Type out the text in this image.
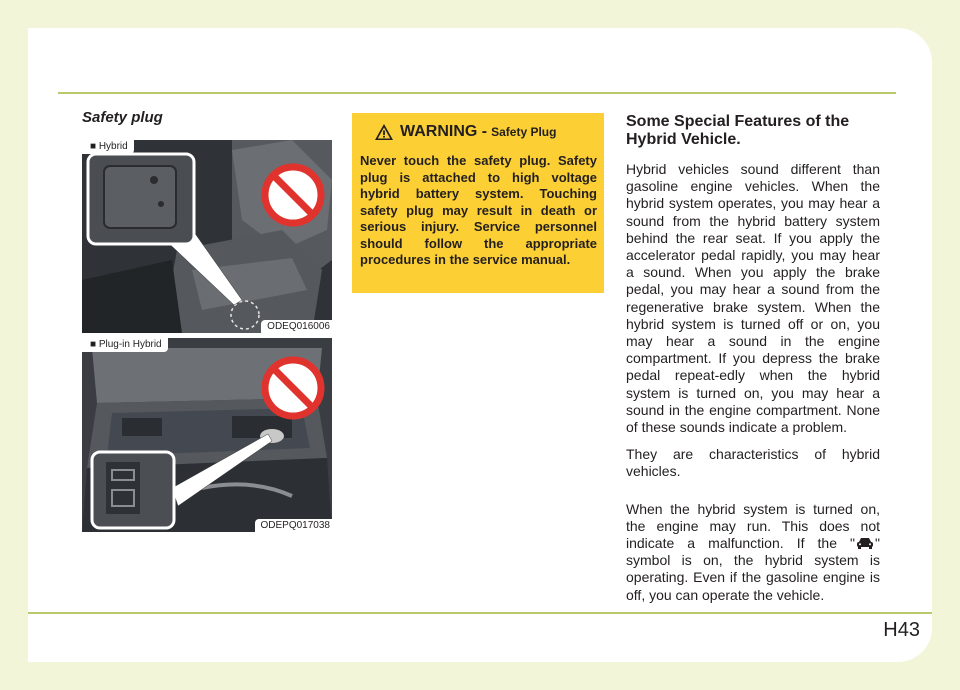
H43
Safety plug
■ Hybrid
ODEQ016006
■ Plug-in Hybrid
ODEPQ017038
WARNING - Safety Plug
Never touch the safety plug. Safety plug is attached to high voltage hybrid battery system. Touching safety plug may result in death or serious injury. Service personnel should follow the appropriate procedures in the service manual.
Some Special Features of the Hybrid Vehicle.

Hybrid vehicles sound different than gasoline engine vehicles. When the hybrid system operates, you may hear a sound from the hybrid battery system behind the rear seat. If you apply the accelerator pedal rapidly, you may hear a sound. When you apply the brake pedal, you may hear a sound from the regenerative brake system. When the hybrid system is turned off or on, you may hear a sound in the engine compartment. If you depress the brake pedal repeat-edly when the hybrid system is turned on, you may hear a sound in the engine compartment. None of these sounds indicate a problem.

They are characteristics of hybrid vehicles.

When the hybrid system is turned on, the engine may run. This does not indicate a malfunction. If the " " symbol is on, the hybrid system is operating. Even if the gasoline engine is off, you can operate the vehicle.
